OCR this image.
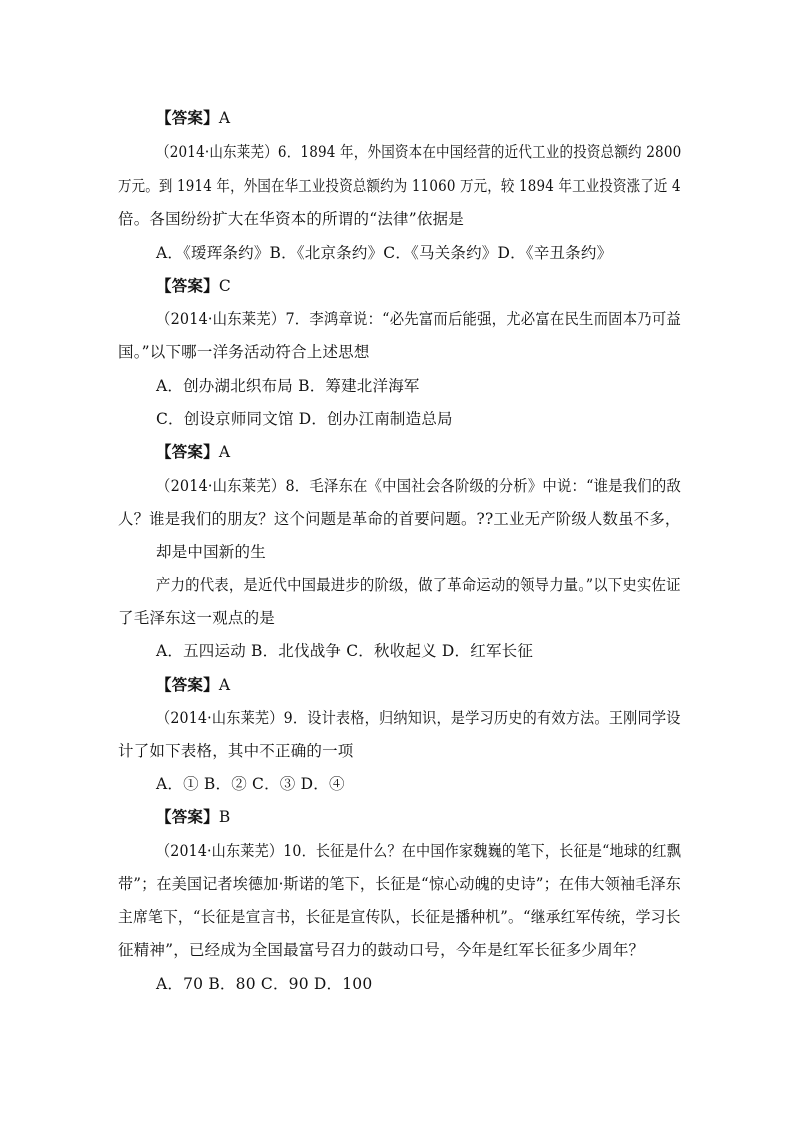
【答案】A
（2014·山东莱芜）6．1894 年，外国资本在中国经营的近代工业的投资总额约 2800
万元。到 1914 年，外国在华工业投资总额约为 11060 万元，较 1894 年工业投资涨了近 4
倍。各国纷纷扩大在华资本的所谓的“法律”依据是
A．《瑷珲条约》B．《北京条约》C．《马关条约》D．《辛丑条约》
【答案】C
（2014·山东莱芜）7．李鸿章说：“必先富而后能强，尤必富在民生而固本乃可益
国。”以下哪一洋务活动符合上述思想
A．创办湖北织布局 B．筹建北洋海军
C．创设京师同文馆 D．创办江南制造总局
【答案】A
（2014·山东莱芜）8．毛泽东在《中国社会各阶级的分析》中说：“谁是我们的敌
人？谁是我们的朋友？这个问题是革命的首要问题。??工业无产阶级人数虽不多，
却是中国新的生
产力的代表，是近代中国最进步的阶级，做了革命运动的领导力量。”以下史实佐证
了毛泽东这一观点的是
A．五四运动 B．北伐战争 C．秋收起义 D．红军长征
【答案】A
（2014·山东莱芜）9．设计表格，归纳知识，是学习历史的有效方法。王刚同学设
计了如下表格，其中不正确的一项
A．① B．② C．③ D．④
【答案】B
（2014·山东莱芜）10．长征是什么？在中国作家魏巍的笔下，长征是“地球的红飘
带”；在美国记者埃德加·斯诺的笔下，长征是“惊心动魄的史诗”；在伟大领袖毛泽东
主席笔下，“长征是宣言书，长征是宣传队，长征是播种机”。“继承红军传统，学习长
征精神”，已经成为全国最富号召力的鼓动口号，今年是红军长征多少周年？
A．70 B．80 C．90 D．100
